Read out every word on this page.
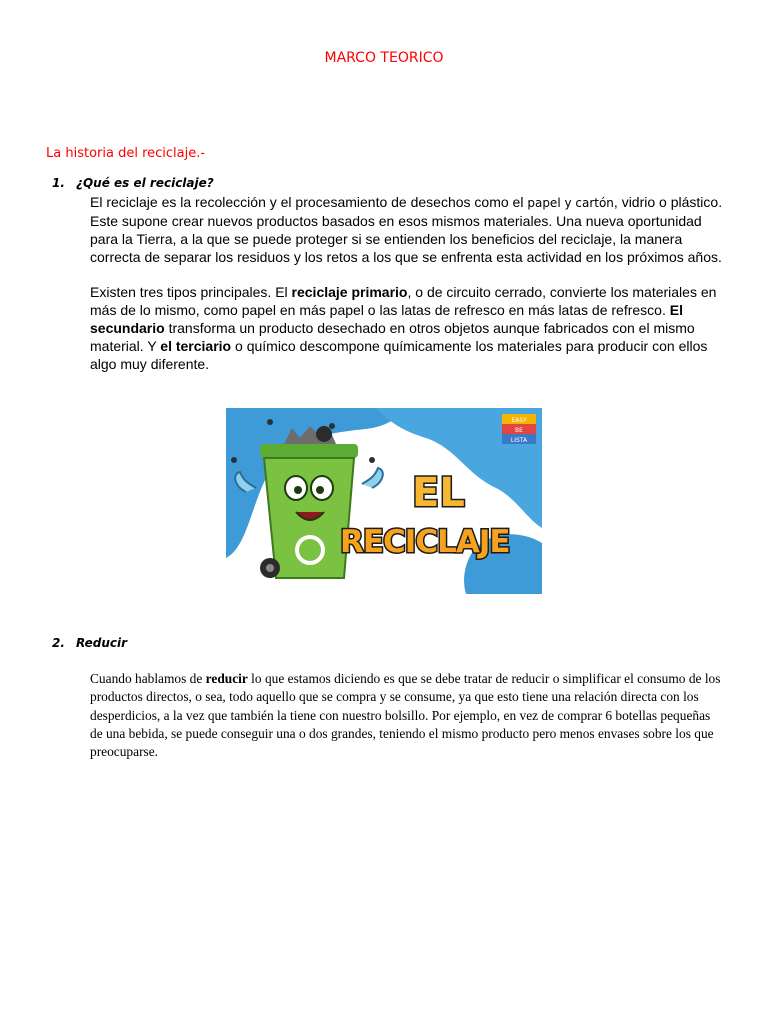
MARCO TEORICO
La historia del reciclaje.-
1. ¿Qué es el reciclaje?
El reciclaje es la recolección y el procesamiento de desechos como el papel y cartón, vidrio o plástico. Este supone crear nuevos productos basados en esos mismos materiales. Una nueva oportunidad para la Tierra, a la que se puede proteger si se entienden los beneficios del reciclaje, la manera correcta de separar los residuos y los retos a los que se enfrenta esta actividad en los próximos años.
Existen tres tipos principales. El reciclaje primario, o de circuito cerrado, convierte los materiales en más de lo mismo, como papel en más papel o las latas de refresco en más latas de refresco. El secundario transforma un producto desechado en otros objetos aunque fabricados con el mismo material. Y el terciario o químico descompone químicamente los materiales para producir con ellos algo muy diferente.
EL
RECICLAJE
EASY
BE
LISTA
2. Reducir
Cuando hablamos de reducir lo que estamos diciendo es que se debe tratar de reducir o simplificar el consumo de los productos directos, o sea, todo aquello que se compra y se consume, ya que esto tiene una relación directa con los desperdicios, a la vez que también la tiene con nuestro bolsillo. Por ejemplo, en vez de comprar 6 botellas pequeñas de una bebida, se puede conseguir una o dos grandes, teniendo el mismo producto pero menos envases sobre los que preocuparse.
